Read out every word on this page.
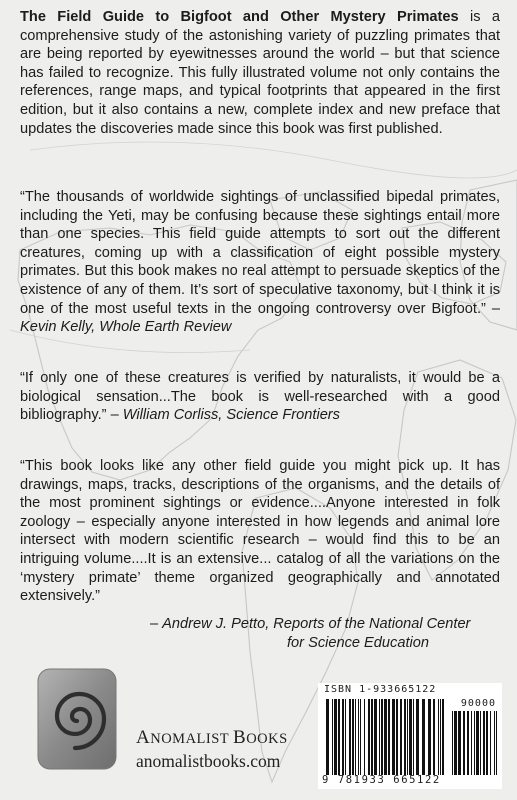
The Field Guide to Bigfoot and Other Mystery Primates is a comprehensive study of the astonishing variety of puzzling primates that are being reported by eyewitnesses around the world – but that science has failed to recognize. This fully illustrated volume not only contains the references, range maps, and typical footprints that appeared in the first edition, but it also contains a new, complete index and new preface that updates the discoveries made since this book was first published.

“The thousands of worldwide sightings of unclassified bipedal primates, including the Yeti, may be confusing because these sightings entail more than one species. This field guide attempts to sort out the different creatures, coming up with a classification of eight possible mystery primates. But this book makes no real attempt to persuade skeptics of the existence of any of them. It’s sort of speculative taxonomy, but I think it is one of the most useful texts in the ongoing controversy over Bigfoot.” – Kevin Kelly, Whole Earth Review

“If only one of these creatures is verified by naturalists, it would be a biological sensation...The book is well-researched with a good bibliography.” – William Corliss, Science Frontiers

“This book looks like any other field guide you might pick up. It has drawings, maps, tracks, descriptions of the organisms, and the details of the most prominent sightings or evidence....Anyone interested in folk zoology – especially anyone interested in how legends and animal lore intersect with modern scientific research – would find this to be an intriguing volume....It is an extensive... catalog of all the variations on the ‘mystery primate’ theme organized geographically and annotated extensively.”

– Andrew J. Petto, Reports of the National Center
for Science Education
ANOMALIST BOOKS
anomalistbooks.com
ISBN 1-933665122
90000
9 781933 665122
